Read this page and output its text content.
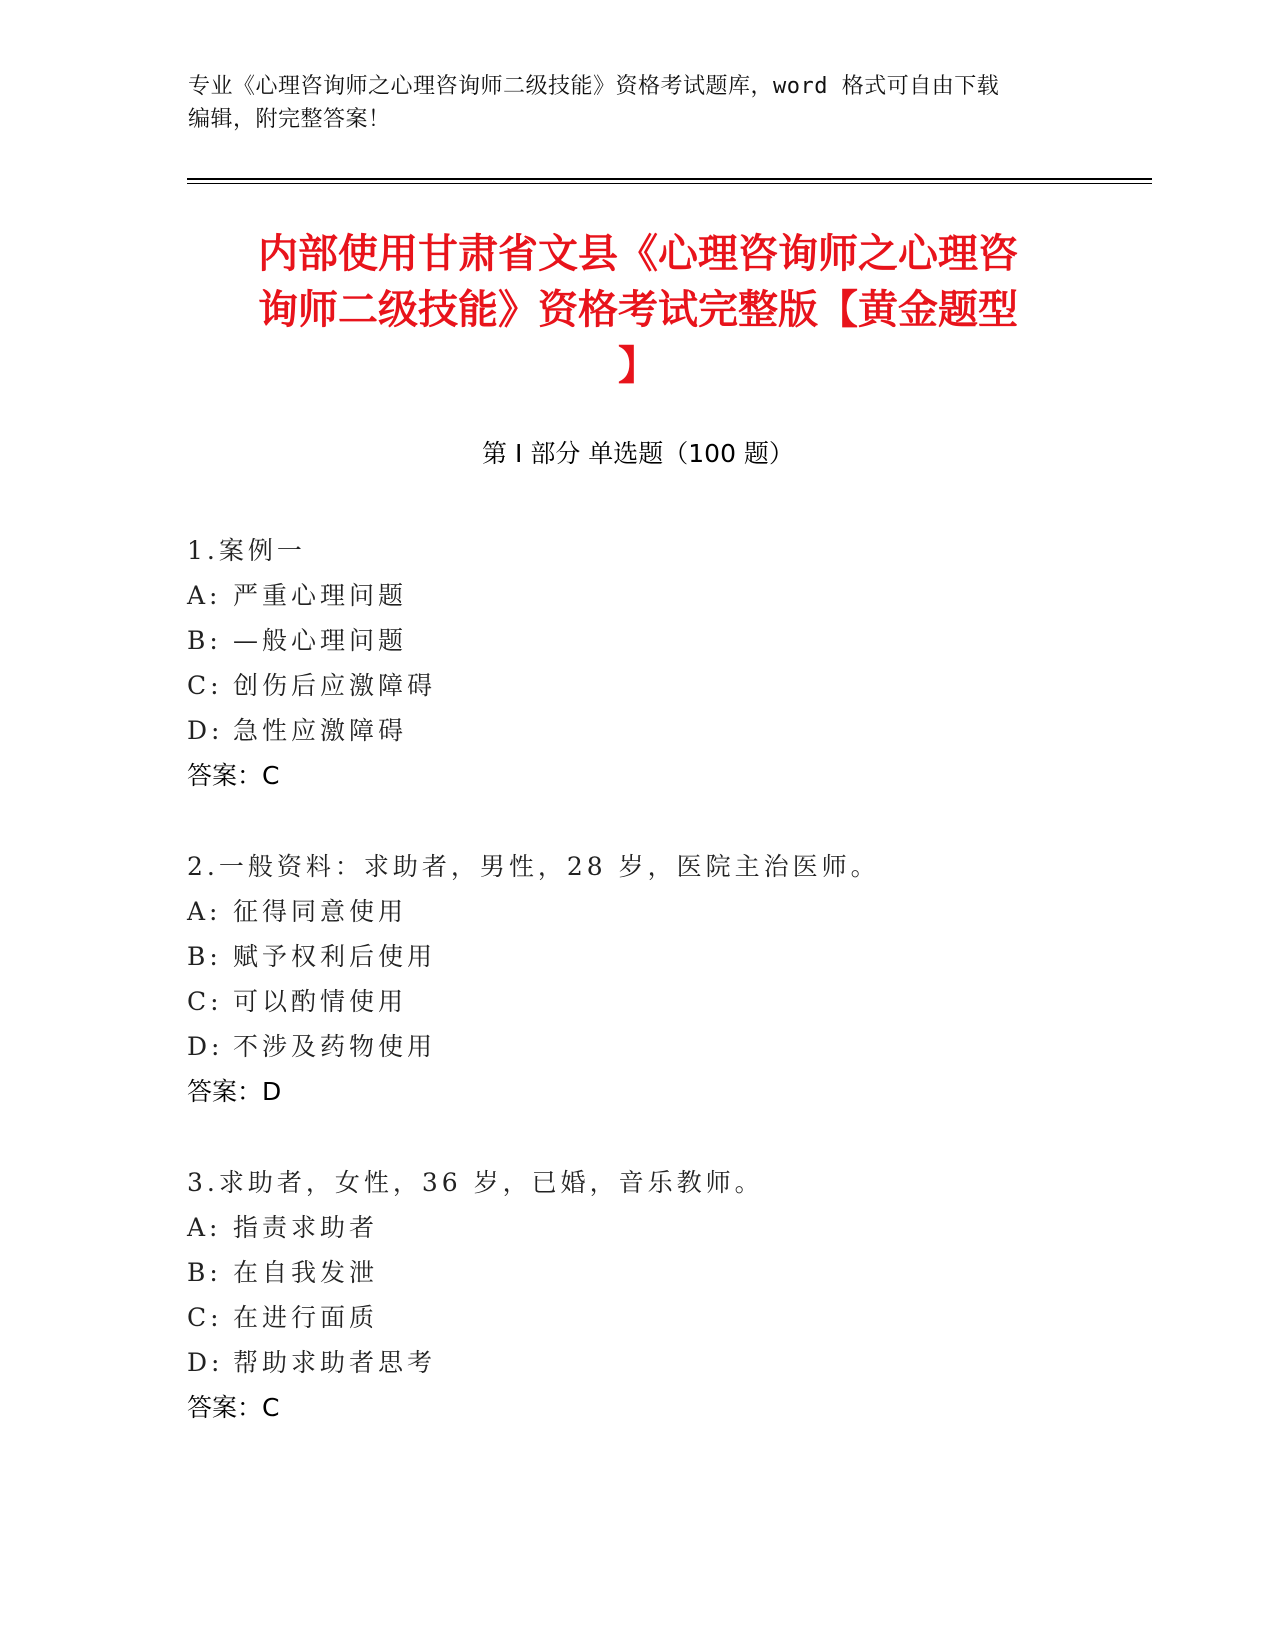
专业《心理咨询师之心理咨询师二级技能》资格考试题库，word 格式可自由下载
编辑，附完整答案！
内部使用甘肃省文县《心理咨询师之心理咨
询师二级技能》资格考试完整版【黄金题型
】
第 I 部分 单选题（100 题）
1.案例一
A: 严重心理问题
B: —般心理问题
C: 创伤后应激障碍
D: 急性应激障碍
答案：C
2.一般资料：求助者，男性，28 岁，医院主治医师。
A: 征得同意使用
B: 赋予权利后使用
C: 可以酌情使用
D: 不涉及药物使用
答案：D
3.求助者，女性，36 岁，已婚，音乐教师。
A: 指责求助者
B: 在自我发泄
C: 在进行面质
D: 帮助求助者思考
答案：C
